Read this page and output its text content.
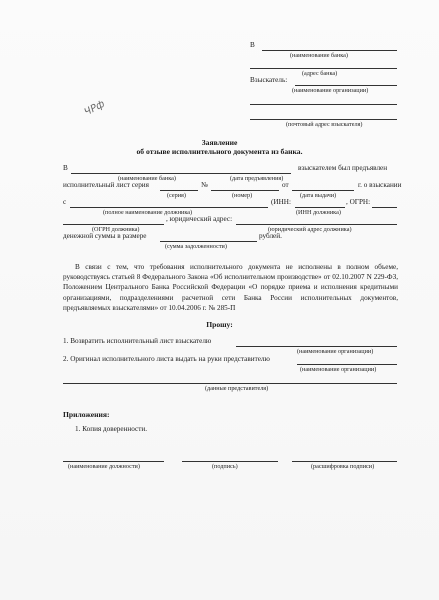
В
(наименование банка)
(адрес банка)
Взыскатель:
(наименование организации)
(почтовый адрес взыскателя)
ЧРф
Заявление
об отзыве исполнительного документа из банка.
В	взыскателем был предъявлен
(наименование банка)	(дата предъявления)
исполнительный лист серия	№	от	г. о взыскании
(серия)	(номер)	(дата выдачи)
с	(ИНН:	, ОГРН:
(полное наименование должника)	(ИНН должника)
, юридический адрес:
(ОГРН должника)	(юридический адрес должника)
денежной суммы в размере	рублей.
(сумма задолженности)
В связи с тем, что требования исполнительного документа не исполнены в полном объеме, руководствуясь статьей 8 Федерального Закона «Об исполнительном производстве» от 02.10.2007 N 229-ФЗ, Положением Центрального Банка Российской Федерации «О порядке приема и исполнения кредитными организациями, подразделениями расчетной сети Банка России исполнительных документов, предъявляемых взыскателями» от 10.04.2006 г. № 285-П
Прошу:
1. Возвратить исполнительный лист взыскателю
(наименование организации)
2. Оригинал исполнительного листа выдать на руки представителю
(наименование организации)
(данные представителя)
Приложения:
1. Копия доверенности.
(наименование должности)	(подпись)	(расшифровка подписи)
